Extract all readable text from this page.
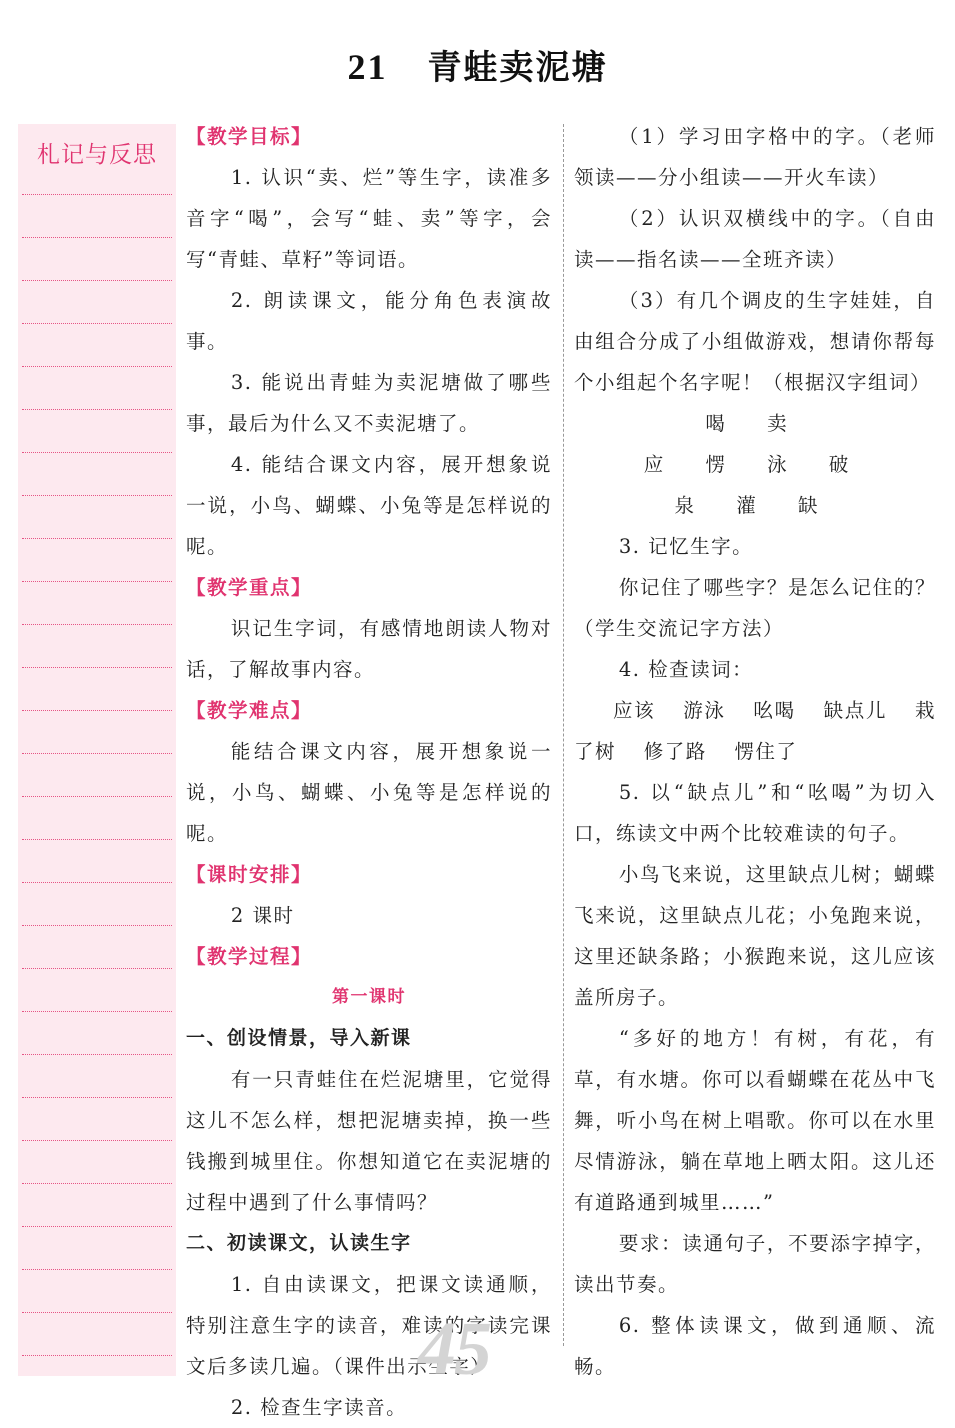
21 青蛙卖泥塘
札记与反思

【教学目标】

1. 认识“卖、烂”等生字，读准多音字“喝”，会写“蛙、卖”等字，会写“青蛙、草籽”等词语。

2. 朗读课文，能分角色表演故事。

3. 能说出青蛙为卖泥塘做了哪些事，最后为什么又不卖泥塘了。

4. 能结合课文内容，展开想象说一说，小鸟、蝴蝶、小兔等是怎样说的呢。

【教学重点】

识记生字词，有感情地朗读人物对话，了解故事内容。

【教学难点】

能结合课文内容，展开想象说一说，小鸟、蝴蝶、小兔等是怎样说的呢。

【课时安排】

2 课时

【教学过程】

第一课时

一、创设情景，导入新课

有一只青蛙住在烂泥塘里，它觉得这儿不怎么样，想把泥塘卖掉，换一些钱搬到城里住。你想知道它在卖泥塘的过程中遇到了什么事情吗？

二、初读课文，认读生字

1. 自由读课文，把课文读通顺，特别注意生字的读音，难读的字读完课文后多读几遍。（课件出示生字）

2. 检查生字读音。

（1）学习田字格中的字。（老师领读——分小组读——开火车读）

（2）认识双横线中的字。（自由读——指名读——全班齐读）

（3）有几个调皮的生字娃娃，自由组合分成了小组做游戏，想请你帮每个小组起个名字呢！（根据汉字组词）

喝 卖

应 愣 泳 破

泉 灌 缺

3. 记忆生字。

你记住了哪些字？是怎么记住的？（学生交流记字方法）

4. 检查读词：

应该 游泳 吆喝 缺点儿 栽了树 修了路 愣住了

5. 以“缺点儿”和“吆喝”为切入口，练读文中两个比较难读的句子。

小鸟飞来说，这里缺点儿树；蝴蝶飞来说，这里缺点儿花；小兔跑来说，这里还缺条路；小猴跑来说，这儿应该盖所房子。

“多好的地方！有树，有花，有草，有水塘。你可以看蝴蝶在花丛中飞舞，听小鸟在树上唱歌。你可以在水里尽情游泳，躺在草地上晒太阳。这儿还有道路通到城里……”

要求：读通句子，不要添字掉字，读出节奏。

6. 整体读课文，做到通顺、流畅。

45
